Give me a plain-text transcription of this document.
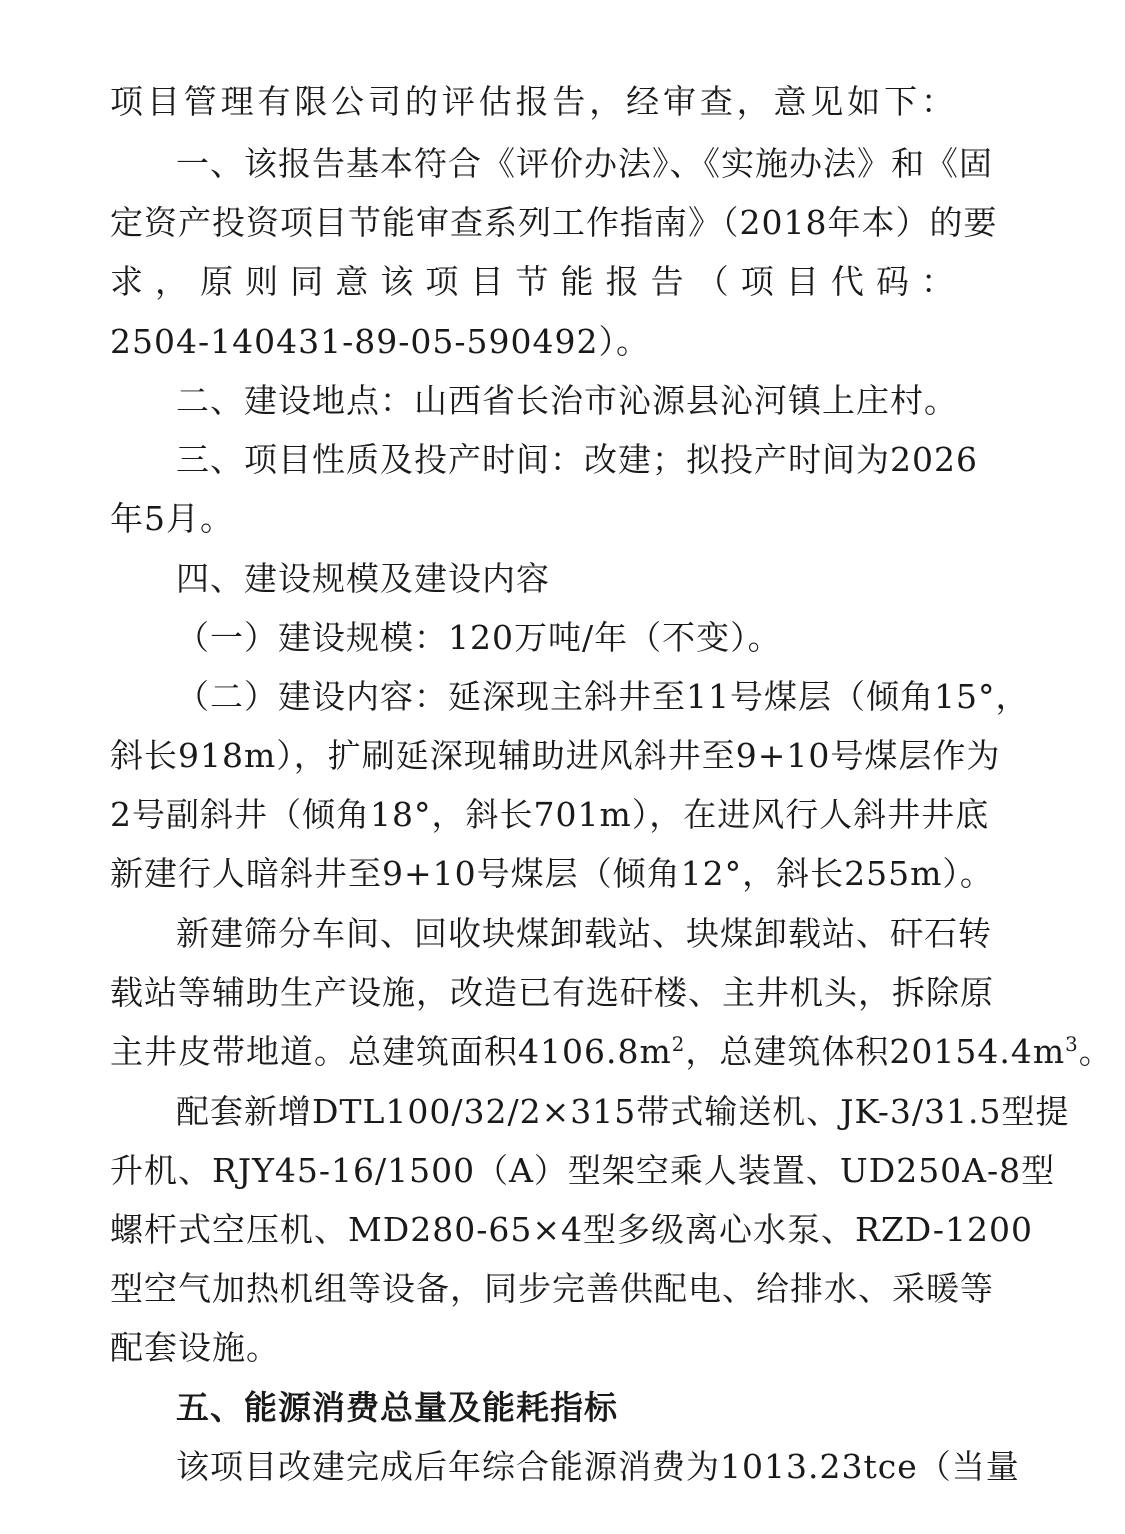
项目管理有限公司的评估报告，经审查，意见如下：
一、该报告基本符合《评价办法》、《实施办法》和《固
定资产投资项目节能审查系列工作指南》（2018年本）的要
求，原则同意该项目节能报告（项目代码：
2504-140431-89-05-590492）。
二、建设地点：山西省长治市沁源县沁河镇上庄村。
三、项目性质及投产时间：改建；拟投产时间为2026
年5月。
四、建设规模及建设内容
（一）建设规模：120万吨/年（不变）。
（二）建设内容：延深现主斜井至11号煤层（倾角15°，
斜长918m），扩刷延深现辅助进风斜井至9+10号煤层作为
2号副斜井（倾角18°，斜长701m），在进风行人斜井井底
新建行人暗斜井至9+10号煤层（倾角12°，斜长255m）。
新建筛分车间、回收块煤卸载站、块煤卸载站、矸石转
载站等辅助生产设施，改造已有选矸楼、主井机头，拆除原
主井皮带地道。总建筑面积$4106.8m^2$，总建筑体积$20154.4m^3$。
配套新增DTL100/32/2×315带式输送机、JK-3/31.5型提
升机、RJY45-16/1500（A）型架空乘人装置、UD250A-8型
螺杆式空压机、MD280-65×4型多级离心水泵、RZD-1200
型空气加热机组等设备，同步完善供配电、给排水、采暖等
配套设施。
五、能源消费总量及能耗指标
该项目改建完成后年综合能源消费为1013.23tce（当量
